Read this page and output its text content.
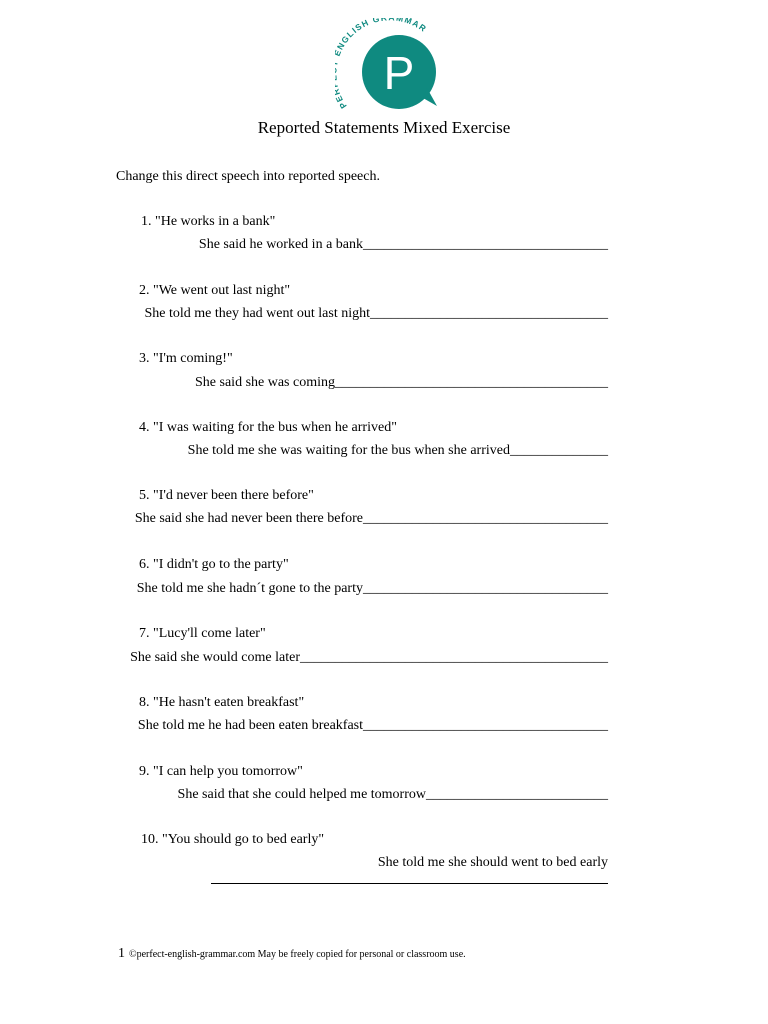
P NGLISH G MMAR
P
Reported Statements Mixed Exercise
Change this direct speech into reported speech.
1. "He works in a bank"
She said he worked in a bank___________________________________
2. "We went out last night"
She told me they had went out last night__________________________________
3. "I'm coming!"
She said she was coming_______________________________________
4. "I was waiting for the bus when he arrived"
She told me she was waiting for the bus when she arrived______________
5. "I'd never been there before"
She said she had never been there before___________________________________
6. "I didn't go to the party"
She told me she hadn´t gone to the party___________________________________
7. "Lucy'll come later"
She said she would come later____________________________________________
8. "He hasn't eaten breakfast"
She told me he had been eaten breakfast___________________________________
9. "I can help you tomorrow"
She said that she could helped me tomorrow__________________________
10. "You should go to bed early"
She told me she should went to bed early
1 ©perfect-english-grammar.com May be freely copied for personal or classroom use.
